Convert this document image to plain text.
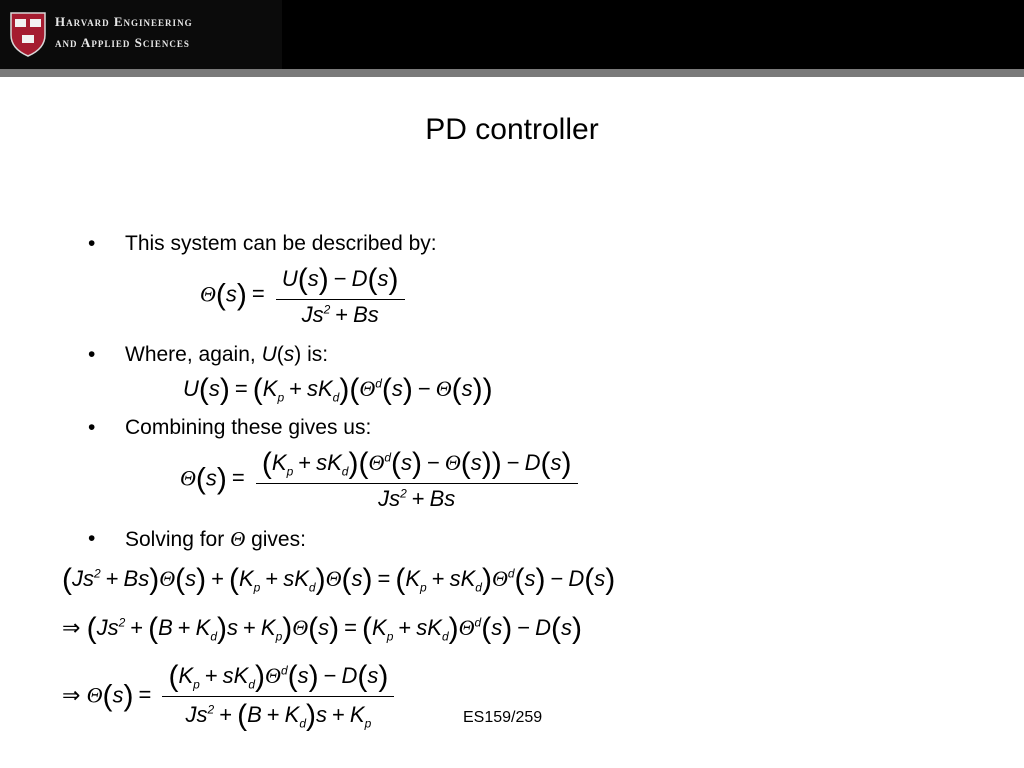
Harvard Engineering
and Applied Sciences
PD controller
• This system can be described by:
$\Theta(s) = \frac{U(s) - D(s)}{Js^2 + Bs}$
• Where, again, U(s) is:
$U(s) = (K_p + sK_d)(\Theta^d(s) - \Theta(s))$
• Combining these gives us:
$\Theta(s) = \frac{(K_p + sK_d)(\Theta^d(s) - \Theta(s)) - D(s)}{Js^2 + Bs}$
• Solving for Θ gives:
$(Js^2 + Bs)\Theta(s) + (K_p + sK_d)\Theta(s) = (K_p + sK_d)\Theta^d(s) - D(s)$
⇒ $(Js^2 + (B + K_d)s + K_p)\Theta(s) = (K_p + sK_d)\Theta^d(s) - D(s)$
⇒ $\Theta(s) = \frac{(K_p + sK_d)\Theta^d(s) - D(s)}{Js^2 + (B + K_d)s + K_p}$	ES159/259
